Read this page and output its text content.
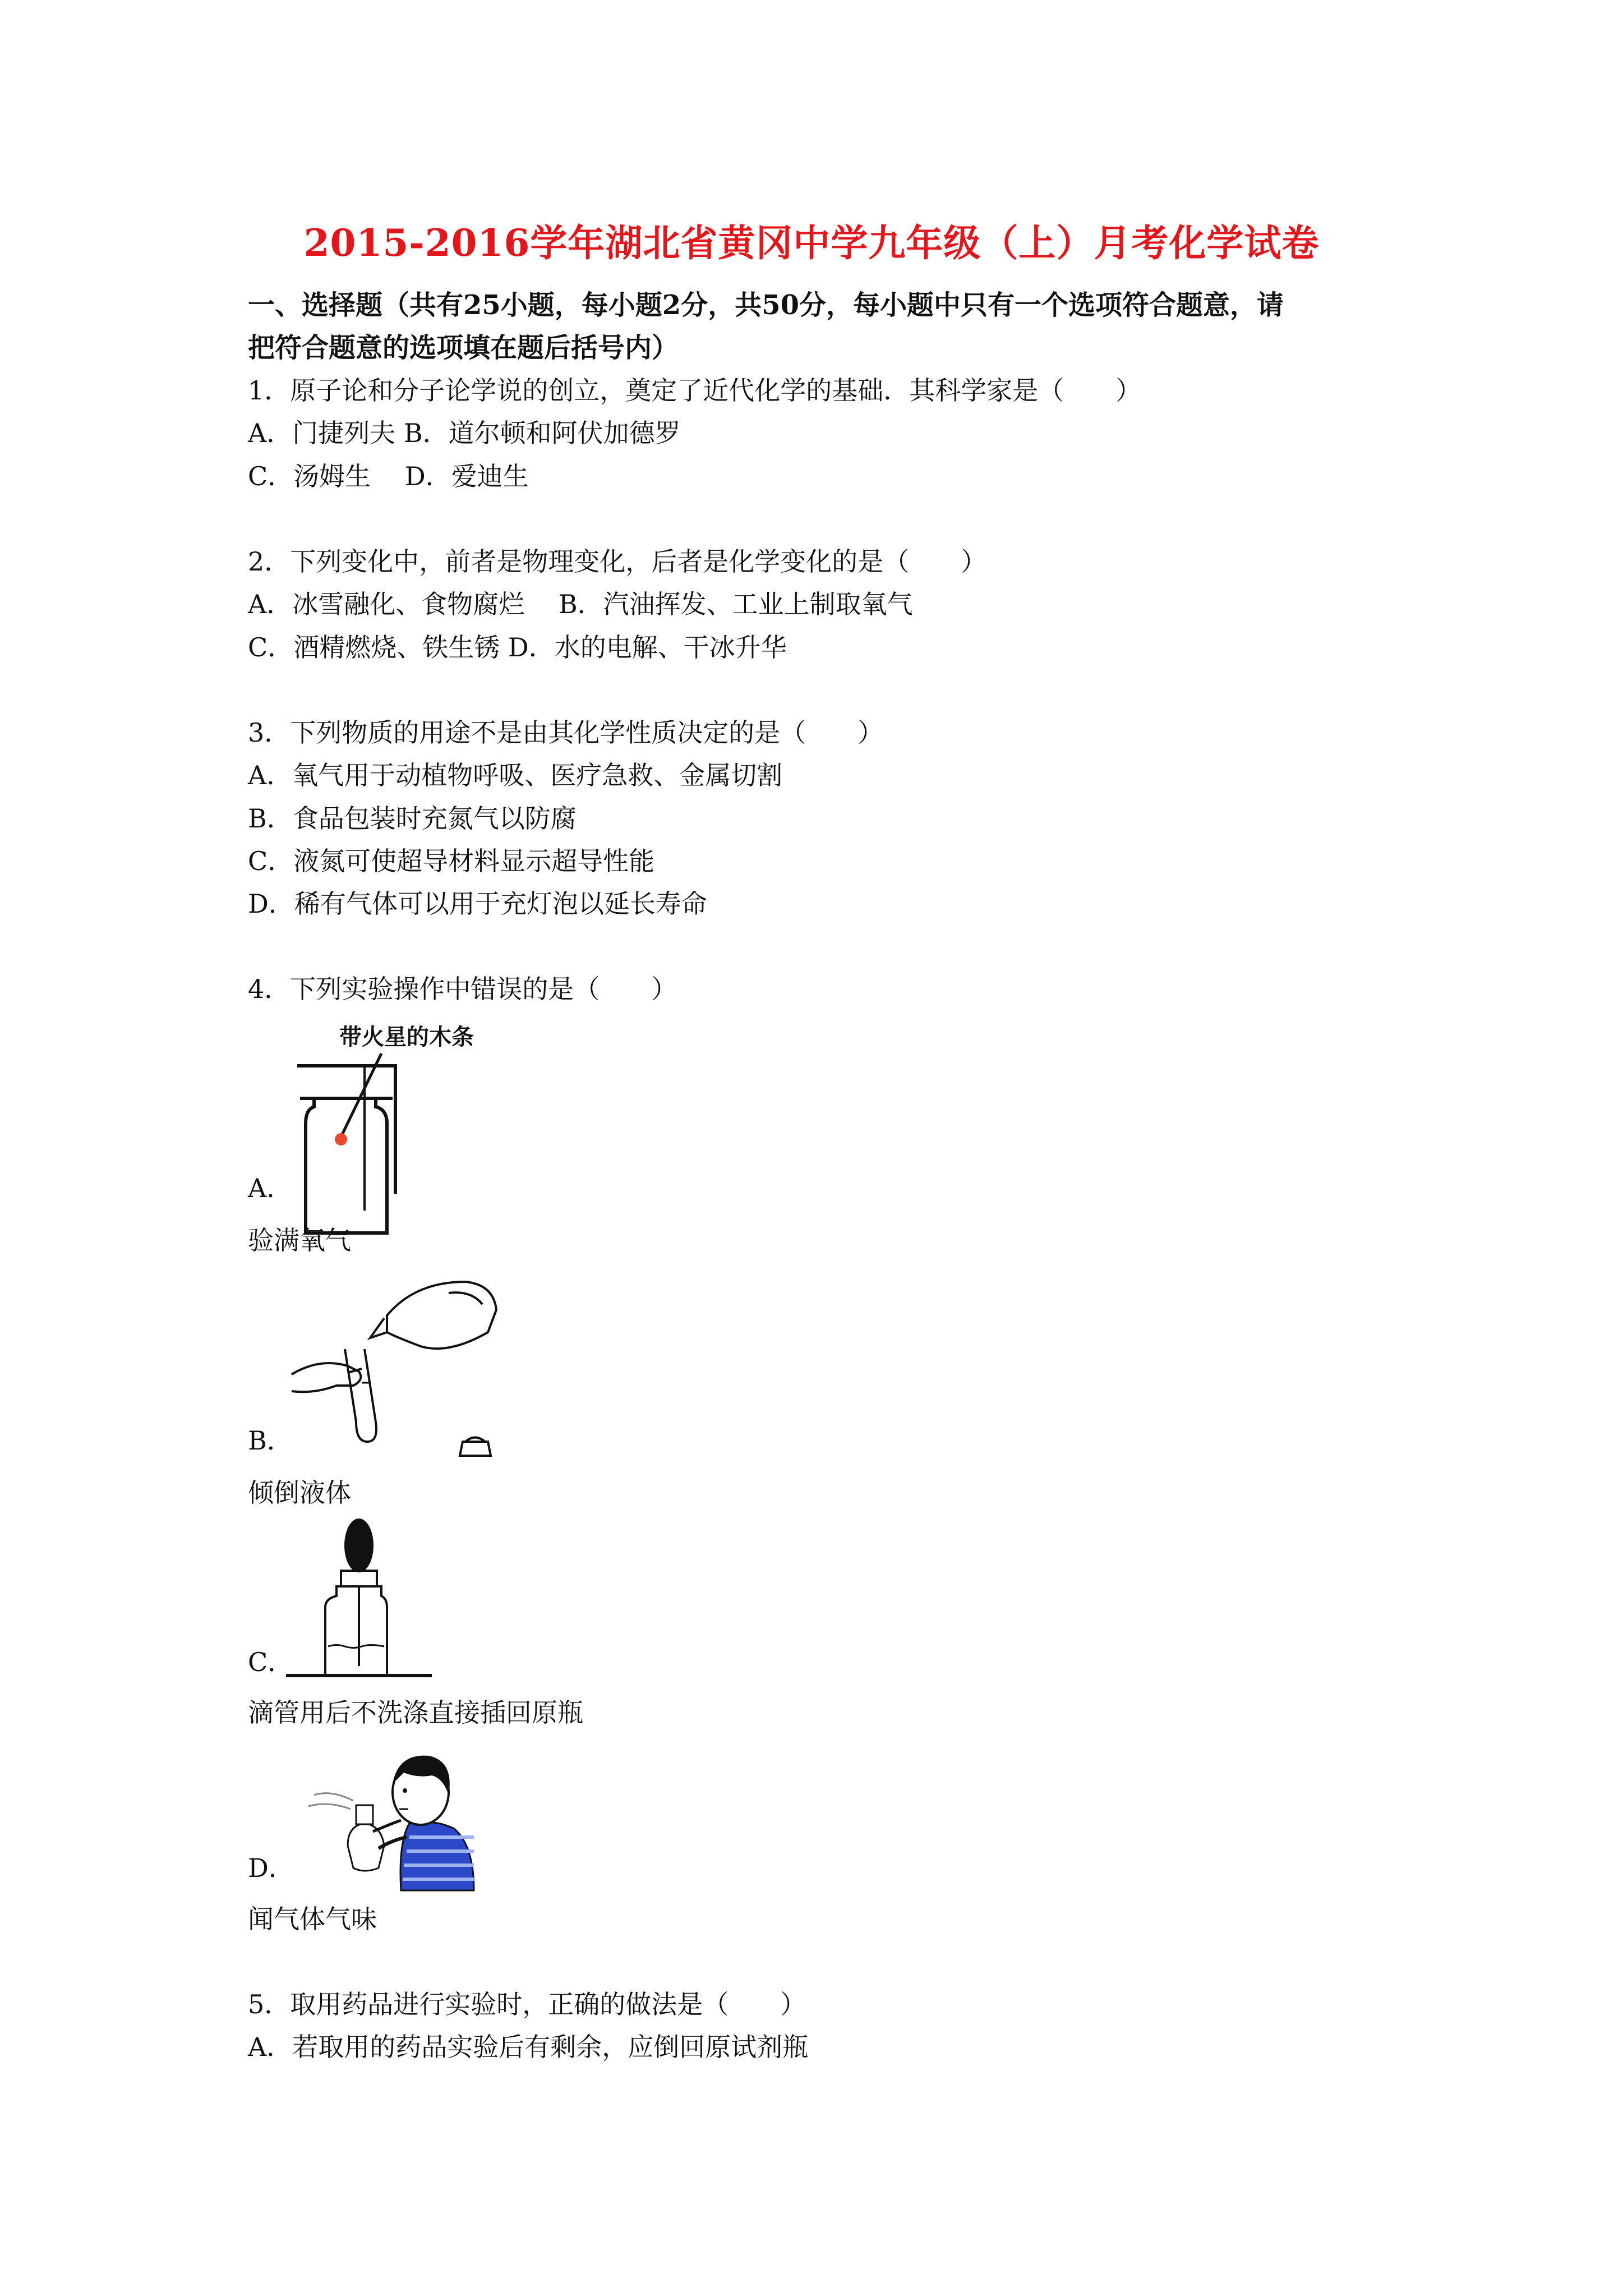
2015-2016学年湖北省黄冈中学九年级（上）月考化学试卷
一、选择题（共有25小题，每小题2分，共50分，每小题中只有一个选项符合题意，请
把符合题意的选项填在题后括号内）
1．原子论和分子论学说的创立，奠定了近代化学的基础．其科学家是（　　）
A．门捷列夫 B．道尔顿和阿伏加德罗
C．汤姆生　 D．爱迪生
2．下列变化中，前者是物理变化，后者是化学变化的是（　　）
A．冰雪融化、食物腐烂　 B．汽油挥发、工业上制取氧气
C．酒精燃烧、铁生锈 D．水的电解、干冰升华
3．下列物质的用途不是由其化学性质决定的是（　　）
A．氧气用于动植物呼吸、医疗急救、金属切割
B．食品包装时充氮气以防腐
C．液氮可使超导材料显示超导性能
D．稀有气体可以用于充灯泡以延长寿命
4．下列实验操作中错误的是（　　）
带火星的木条
A．
验满氧气
B．
倾倒液体
C．
滴管用后不洗涤直接插回原瓶
D．
闻气体气味
5．取用药品进行实验时，正确的做法是（　　）
A．若取用的药品实验后有剩余，应倒回原试剂瓶
